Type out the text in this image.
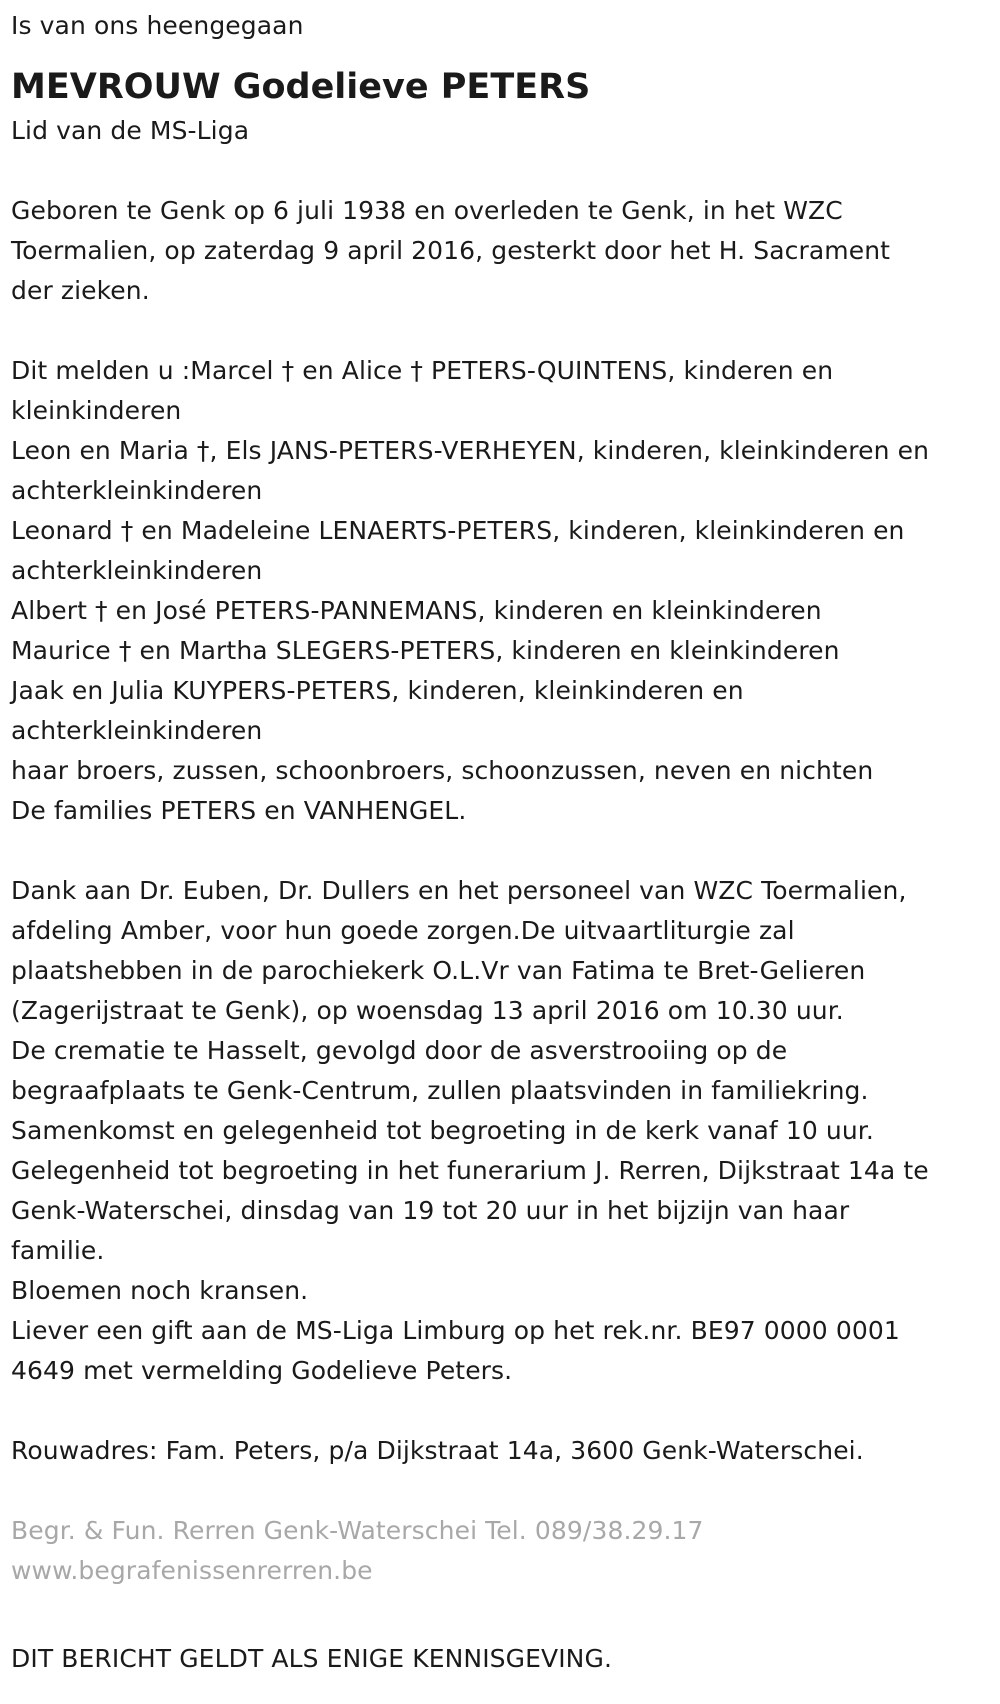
Is van ons heengegaan
MEVROUW Godelieve PETERS
Lid van de MS-Liga
Geboren te Genk op 6 juli 1938 en overleden te Genk, in het WZC
Toermalien, op zaterdag 9 april 2016, gesterkt door het H. Sacrament
der zieken.
Dit melden u :Marcel † en Alice † PETERS-QUINTENS, kinderen en
kleinkinderen
Leon en Maria †, Els JANS-PETERS-VERHEYEN, kinderen, kleinkinderen en
achterkleinkinderen
Leonard † en Madeleine LENAERTS-PETERS, kinderen, kleinkinderen en
achterkleinkinderen
Albert † en José PETERS-PANNEMANS, kinderen en kleinkinderen
Maurice † en Martha SLEGERS-PETERS, kinderen en kleinkinderen
Jaak en Julia KUYPERS-PETERS, kinderen, kleinkinderen en
achterkleinkinderen
haar broers, zussen, schoonbroers, schoonzussen, neven en nichten
De families PETERS en VANHENGEL.
Dank aan Dr. Euben, Dr. Dullers en het personeel van WZC Toermalien,
afdeling Amber, voor hun goede zorgen.De uitvaartliturgie zal
plaatshebben in de parochiekerk O.L.Vr van Fatima te Bret-Gelieren
(Zagerijstraat te Genk), op woensdag 13 april 2016 om 10.30 uur.
De crematie te Hasselt, gevolgd door de asverstrooiing op de
begraafplaats te Genk-Centrum, zullen plaatsvinden in familiekring.
Samenkomst en gelegenheid tot begroeting in de kerk vanaf 10 uur.
Gelegenheid tot begroeting in het funerarium J. Rerren, Dijkstraat 14a te
Genk-Waterschei, dinsdag van 19 tot 20 uur in het bijzijn van haar
familie.
Bloemen noch kransen.
Liever een gift aan de MS-Liga Limburg op het rek.nr. BE97 0000 0001
4649 met vermelding Godelieve Peters.
Rouwadres: Fam. Peters, p/a Dijkstraat 14a, 3600 Genk-Waterschei.
Begr. & Fun. Rerren Genk-Waterschei Tel. 089/38.29.17
www.begrafenissenrerren.be
DIT BERICHT GELDT ALS ENIGE KENNISGEVING.
